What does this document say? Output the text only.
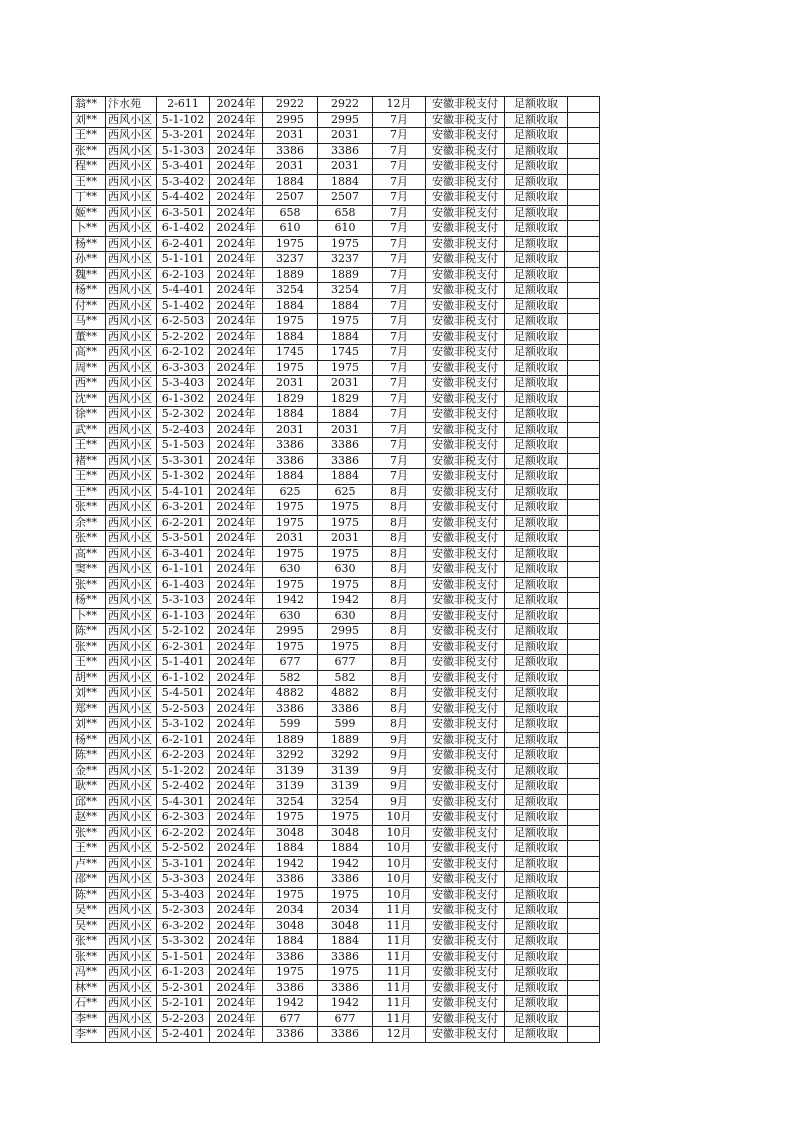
翁**	汴水苑	2-611	2024年	2922	2922	12月	安徽非税支付	足额收取	
刘**	西风小区	5-1-102	2024年	2995	2995	7月	安徽非税支付	足额收取	
王**	西风小区	5-3-201	2024年	2031	2031	7月	安徽非税支付	足额收取	
张**	西风小区	5-1-303	2024年	3386	3386	7月	安徽非税支付	足额收取	
程**	西风小区	5-3-401	2024年	2031	2031	7月	安徽非税支付	足额收取	
王**	西风小区	5-3-402	2024年	1884	1884	7月	安徽非税支付	足额收取	
丁**	西风小区	5-4-402	2024年	2507	2507	7月	安徽非税支付	足额收取	
姬**	西风小区	6-3-501	2024年	658	658	7月	安徽非税支付	足额收取	
卜**	西风小区	6-1-402	2024年	610	610	7月	安徽非税支付	足额收取	
杨**	西风小区	6-2-401	2024年	1975	1975	7月	安徽非税支付	足额收取	
孙**	西风小区	5-1-101	2024年	3237	3237	7月	安徽非税支付	足额收取	
魏**	西风小区	6-2-103	2024年	1889	1889	7月	安徽非税支付	足额收取	
杨**	西风小区	5-4-401	2024年	3254	3254	7月	安徽非税支付	足额收取	
付**	西风小区	5-1-402	2024年	1884	1884	7月	安徽非税支付	足额收取	
马**	西风小区	6-2-503	2024年	1975	1975	7月	安徽非税支付	足额收取	
董**	西风小区	5-2-202	2024年	1884	1884	7月	安徽非税支付	足额收取	
高**	西风小区	6-2-102	2024年	1745	1745	7月	安徽非税支付	足额收取	
周**	西风小区	6-3-303	2024年	1975	1975	7月	安徽非税支付	足额收取	
西**	西风小区	5-3-403	2024年	2031	2031	7月	安徽非税支付	足额收取	
沈**	西风小区	6-1-302	2024年	1829	1829	7月	安徽非税支付	足额收取	
徐**	西风小区	5-2-302	2024年	1884	1884	7月	安徽非税支付	足额收取	
武**	西风小区	5-2-403	2024年	2031	2031	7月	安徽非税支付	足额收取	
王**	西风小区	5-1-503	2024年	3386	3386	7月	安徽非税支付	足额收取	
褚**	西风小区	5-3-301	2024年	3386	3386	7月	安徽非税支付	足额收取	
王**	西风小区	5-1-302	2024年	1884	1884	7月	安徽非税支付	足额收取	
王**	西风小区	5-4-101	2024年	625	625	8月	安徽非税支付	足额收取	
张**	西风小区	6-3-201	2024年	1975	1975	8月	安徽非税支付	足额收取	
余**	西风小区	6-2-201	2024年	1975	1975	8月	安徽非税支付	足额收取	
张**	西风小区	5-3-501	2024年	2031	2031	8月	安徽非税支付	足额收取	
高**	西风小区	6-3-401	2024年	1975	1975	8月	安徽非税支付	足额收取	
窦**	西风小区	6-1-101	2024年	630	630	8月	安徽非税支付	足额收取	
张**	西风小区	6-1-403	2024年	1975	1975	8月	安徽非税支付	足额收取	
杨**	西风小区	5-3-103	2024年	1942	1942	8月	安徽非税支付	足额收取	
卜**	西风小区	6-1-103	2024年	630	630	8月	安徽非税支付	足额收取	
陈**	西风小区	5-2-102	2024年	2995	2995	8月	安徽非税支付	足额收取	
张**	西风小区	6-2-301	2024年	1975	1975	8月	安徽非税支付	足额收取	
王**	西风小区	5-1-401	2024年	677	677	8月	安徽非税支付	足额收取	
胡**	西风小区	6-1-102	2024年	582	582	8月	安徽非税支付	足额收取	
刘**	西风小区	5-4-501	2024年	4882	4882	8月	安徽非税支付	足额收取	
郑**	西风小区	5-2-503	2024年	3386	3386	8月	安徽非税支付	足额收取	
刘**	西风小区	5-3-102	2024年	599	599	8月	安徽非税支付	足额收取	
杨**	西风小区	6-2-101	2024年	1889	1889	9月	安徽非税支付	足额收取	
陈**	西风小区	6-2-203	2024年	3292	3292	9月	安徽非税支付	足额收取	
金**	西风小区	5-1-202	2024年	3139	3139	9月	安徽非税支付	足额收取	
耿**	西风小区	5-2-402	2024年	3139	3139	9月	安徽非税支付	足额收取	
邱**	西风小区	5-4-301	2024年	3254	3254	9月	安徽非税支付	足额收取	
赵**	西风小区	6-2-303	2024年	1975	1975	10月	安徽非税支付	足额收取	
张**	西风小区	6-2-202	2024年	3048	3048	10月	安徽非税支付	足额收取	
王**	西风小区	5-2-502	2024年	1884	1884	10月	安徽非税支付	足额收取	
卢**	西风小区	5-3-101	2024年	1942	1942	10月	安徽非税支付	足额收取	
邵**	西风小区	5-3-303	2024年	3386	3386	10月	安徽非税支付	足额收取	
陈**	西风小区	5-3-403	2024年	1975	1975	10月	安徽非税支付	足额收取	
吴**	西风小区	5-2-303	2024年	2034	2034	11月	安徽非税支付	足额收取	
吴**	西风小区	6-3-202	2024年	3048	3048	11月	安徽非税支付	足额收取	
张**	西风小区	5-3-302	2024年	1884	1884	11月	安徽非税支付	足额收取	
张**	西风小区	5-1-501	2024年	3386	3386	11月	安徽非税支付	足额收取	
冯**	西风小区	6-1-203	2024年	1975	1975	11月	安徽非税支付	足额收取	
林**	西风小区	5-2-301	2024年	3386	3386	11月	安徽非税支付	足额收取	
石**	西风小区	5-2-101	2024年	1942	1942	11月	安徽非税支付	足额收取	
李**	西风小区	5-2-203	2024年	677	677	11月	安徽非税支付	足额收取	
李**	西风小区	5-2-401	2024年	3386	3386	12月	安徽非税支付	足额收取	
